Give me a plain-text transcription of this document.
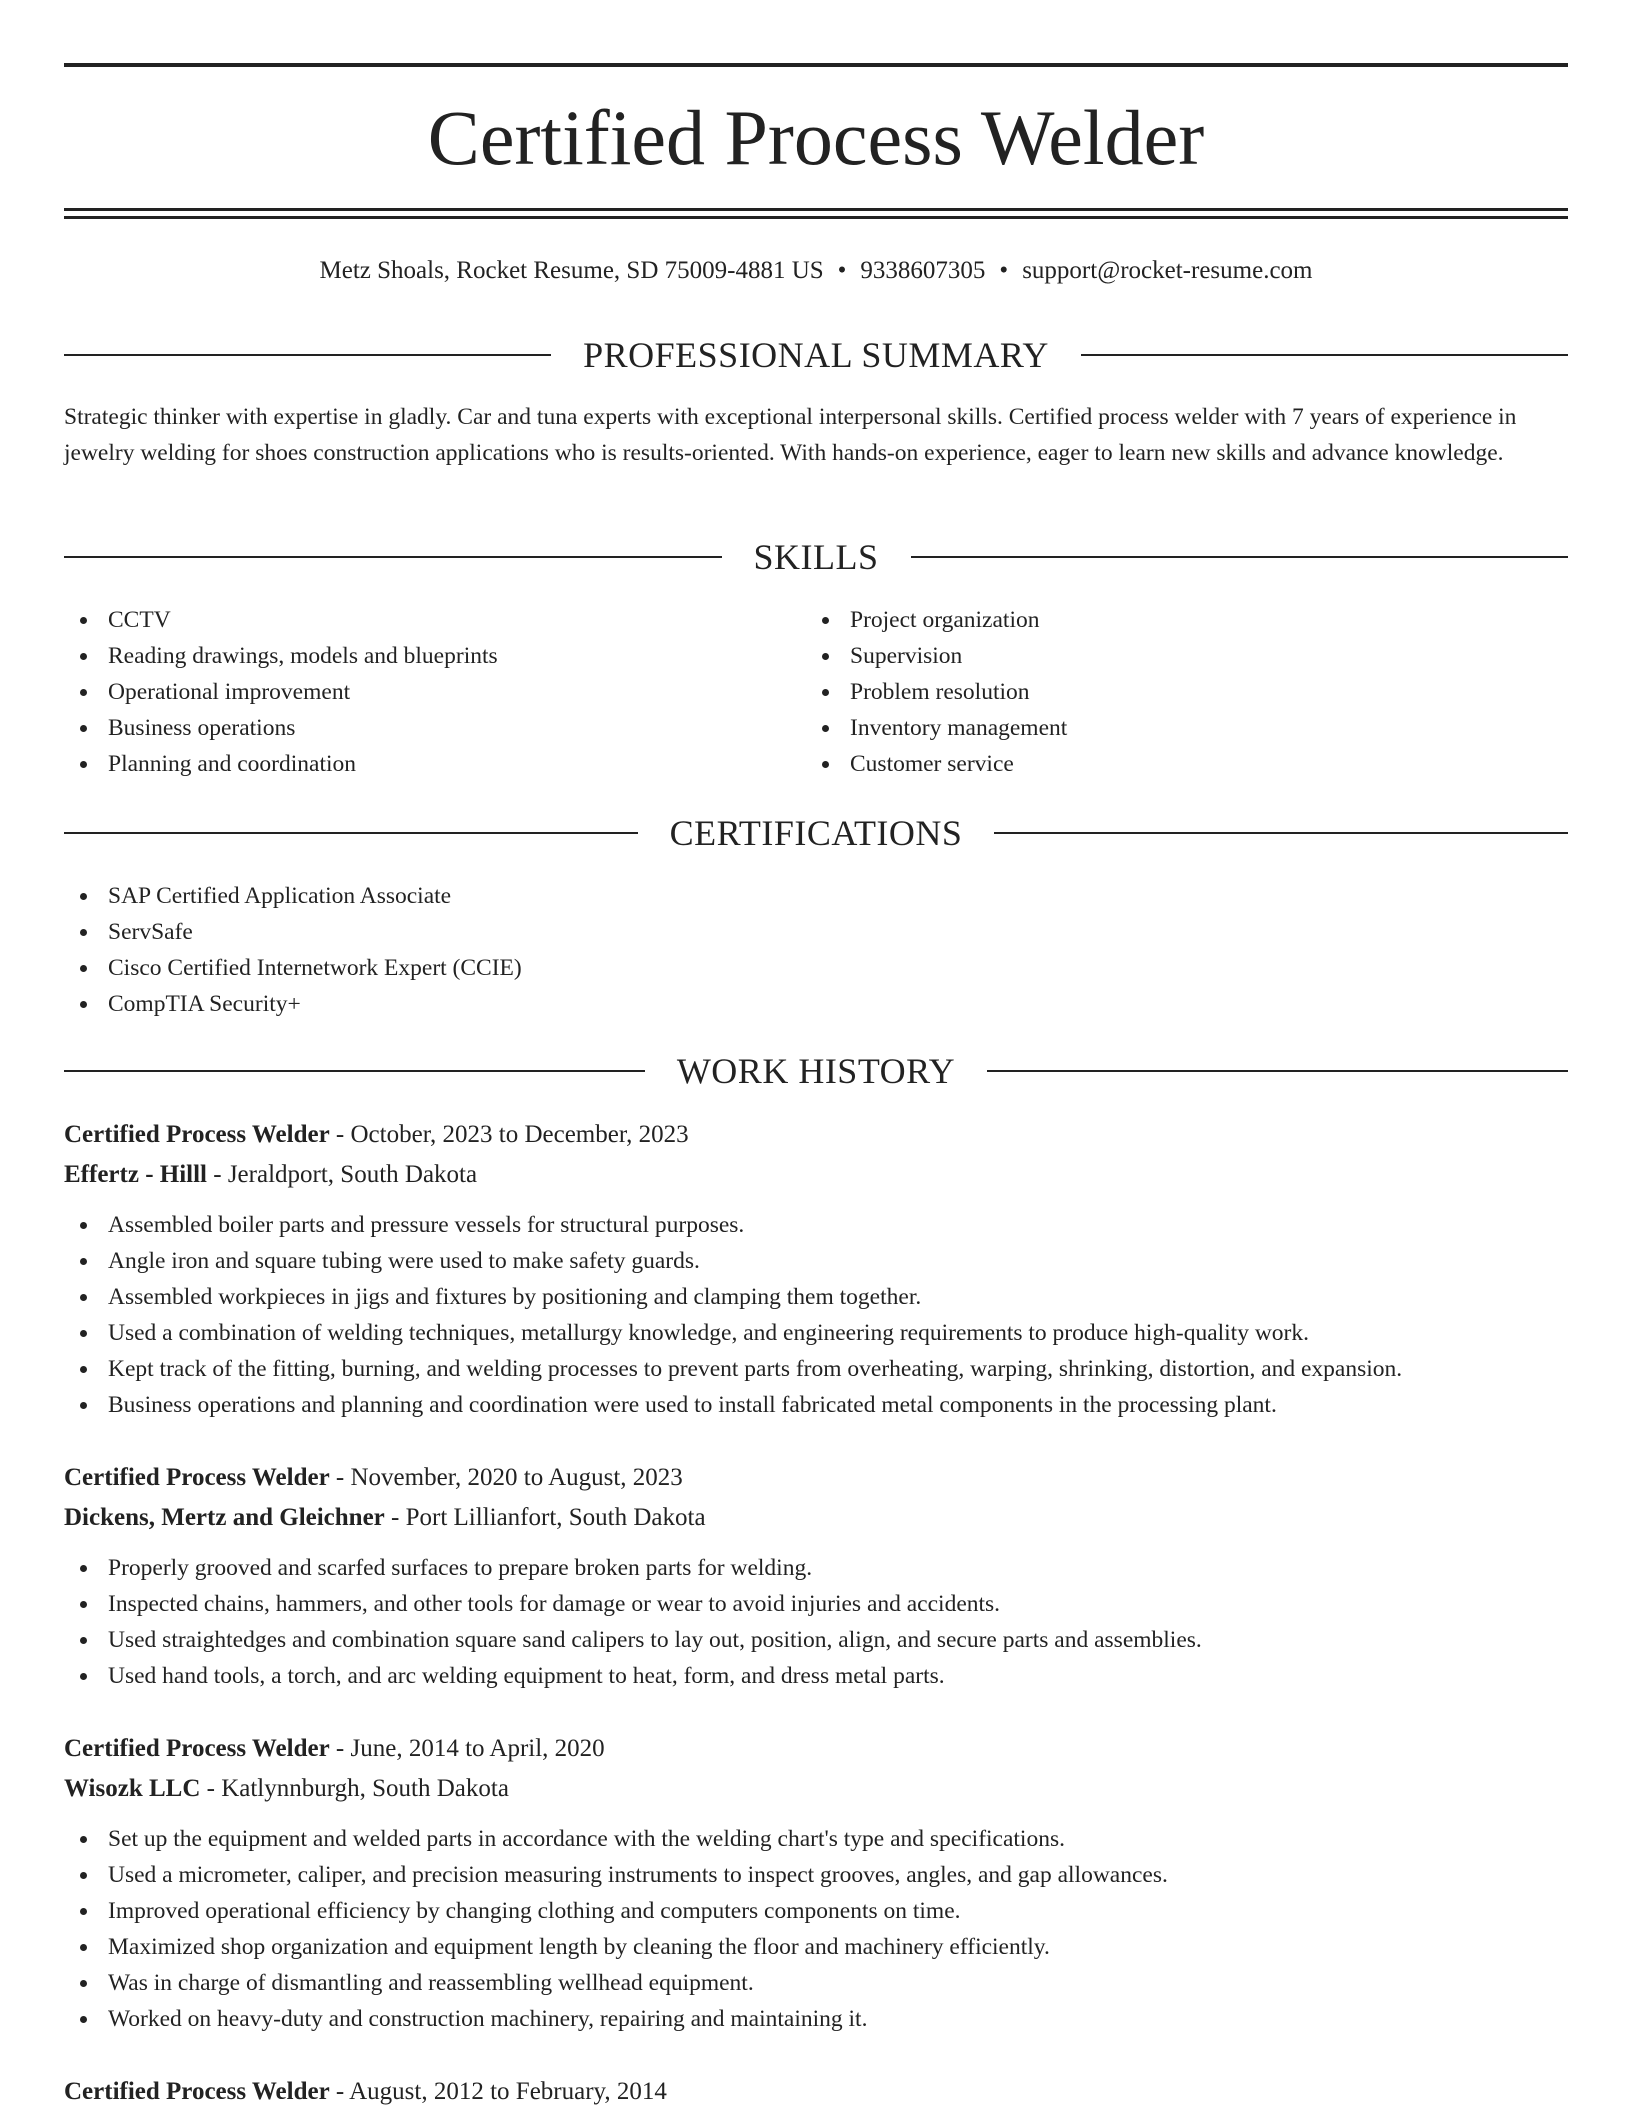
Certified Process Welder
Metz Shoals, Rocket Resume, SD 75009-4881 US • 9338607305 • support@rocket-resume.com
PROFESSIONAL SUMMARY

Strategic thinker with expertise in gladly. Car and tuna experts with exceptional interpersonal skills. Certified process welder with 7 years of experience in jewelry welding for shoes construction applications who is results-oriented. With hands-on experience, eager to learn new skills and advance knowledge.

SKILLS
CCTV
Reading drawings, models and blueprints
Operational improvement
Business operations
Planning and coordination
Project organization
Supervision
Problem resolution
Inventory management
Customer service
CERTIFICATIONS
SAP Certified Application Associate
ServSafe
Cisco Certified Internetwork Expert (CCIE)
CompTIA Security+
WORK HISTORY
Certified Process Welder - October, 2023 to December, 2023
Effertz - Hilll - Jeraldport, South Dakota
Assembled boiler parts and pressure vessels for structural purposes.
Angle iron and square tubing were used to make safety guards.
Assembled workpieces in jigs and fixtures by positioning and clamping them together.
Used a combination of welding techniques, metallurgy knowledge, and engineering requirements to produce high-quality work.
Kept track of the fitting, burning, and welding processes to prevent parts from overheating, warping, shrinking, distortion, and expansion.
Business operations and planning and coordination were used to install fabricated metal components in the processing plant.
Certified Process Welder - November, 2020 to August, 2023
Dickens, Mertz and Gleichner - Port Lillianfort, South Dakota
Properly grooved and scarfed surfaces to prepare broken parts for welding.
Inspected chains, hammers, and other tools for damage or wear to avoid injuries and accidents.
Used straightedges and combination square sand calipers to lay out, position, align, and secure parts and assemblies.
Used hand tools, a torch, and arc welding equipment to heat, form, and dress metal parts.
Certified Process Welder - June, 2014 to April, 2020
Wisozk LLC - Katlynnburgh, South Dakota
Set up the equipment and welded parts in accordance with the welding chart's type and specifications.
Used a micrometer, caliper, and precision measuring instruments to inspect grooves, angles, and gap allowances.
Improved operational efficiency by changing clothing and computers components on time.
Maximized shop organization and equipment length by cleaning the floor and machinery efficiently.
Was in charge of dismantling and reassembling wellhead equipment.
Worked on heavy-duty and construction machinery, repairing and maintaining it.
Certified Process Welder - August, 2012 to February, 2014
